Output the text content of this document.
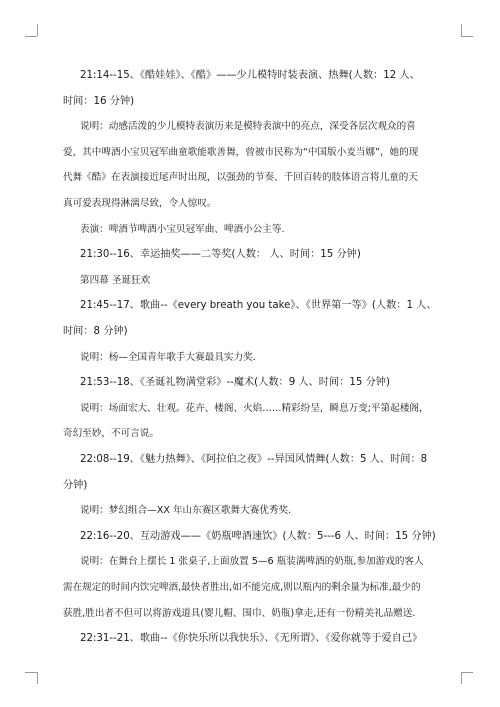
21:14--15、《酷娃娃》、《酷》——少儿模特时装表演、热舞(人数：12 人、
时间：16 分钟)
说明：动感活泼的少儿模特表演历来是模特表演中的亮点，深受各层次观众的喜
爱，其中啤酒小宝贝冠军曲童歌能歌善舞，曾被市民称为“中国版小麦当娜”，她的现
代舞《酷》在表演接近尾声时出现，以强劲的节奏、千回百转的肢体语言将儿童的天
真可爱表现得淋漓尽致，令人惊叹。
表演：啤酒节啤酒小宝贝冠军曲、啤酒小公主等.
21:30--16、幸运抽奖——二等奖(人数： 人、时间：15 分钟)
第四幕 圣诞狂欢
21:45--17、歌曲--《every breath you take》、《世界第一等》(人数：1 人、
时间：8 分钟)
说明：杨—全国青年歌手大赛最具实力奖.
21:53--18、《圣诞礼物满堂彩》--魔术(人数：9 人、时间：15 分钟)
说明：场面宏大、壮观。花卉、楼阁、火焰……精彩纷呈，瞬息万变;平第起楼阁，
奇幻至妙，不可言说。
22:08--19、《魅力热舞》、《阿拉伯之夜》--异国风情舞(人数：5 人、时间：8
分钟)
说明：梦幻组合—XX 年山东赛区歌舞大赛优秀奖.
22:16--20、互动游戏——《奶瓶啤酒速饮》(人数：5---6 人、时间：15 分钟)
说明：在舞台上摆长 1 张桌子,上面放置 5—6 瓶装满啤酒的奶瓶,参加游戏的客人
需在规定的时间内饮完啤酒,最快者胜出,如不能完成,则以瓶内的剩余量为标准,最少的
获胜,胜出者不但可以将游戏道具(婴儿帽、围巾、奶瓶)拿走,还有一份精美礼品赠送.
22:31--21、歌曲--《你快乐所以我快乐》、《无所谓》、《爱你就等于爱自己》
